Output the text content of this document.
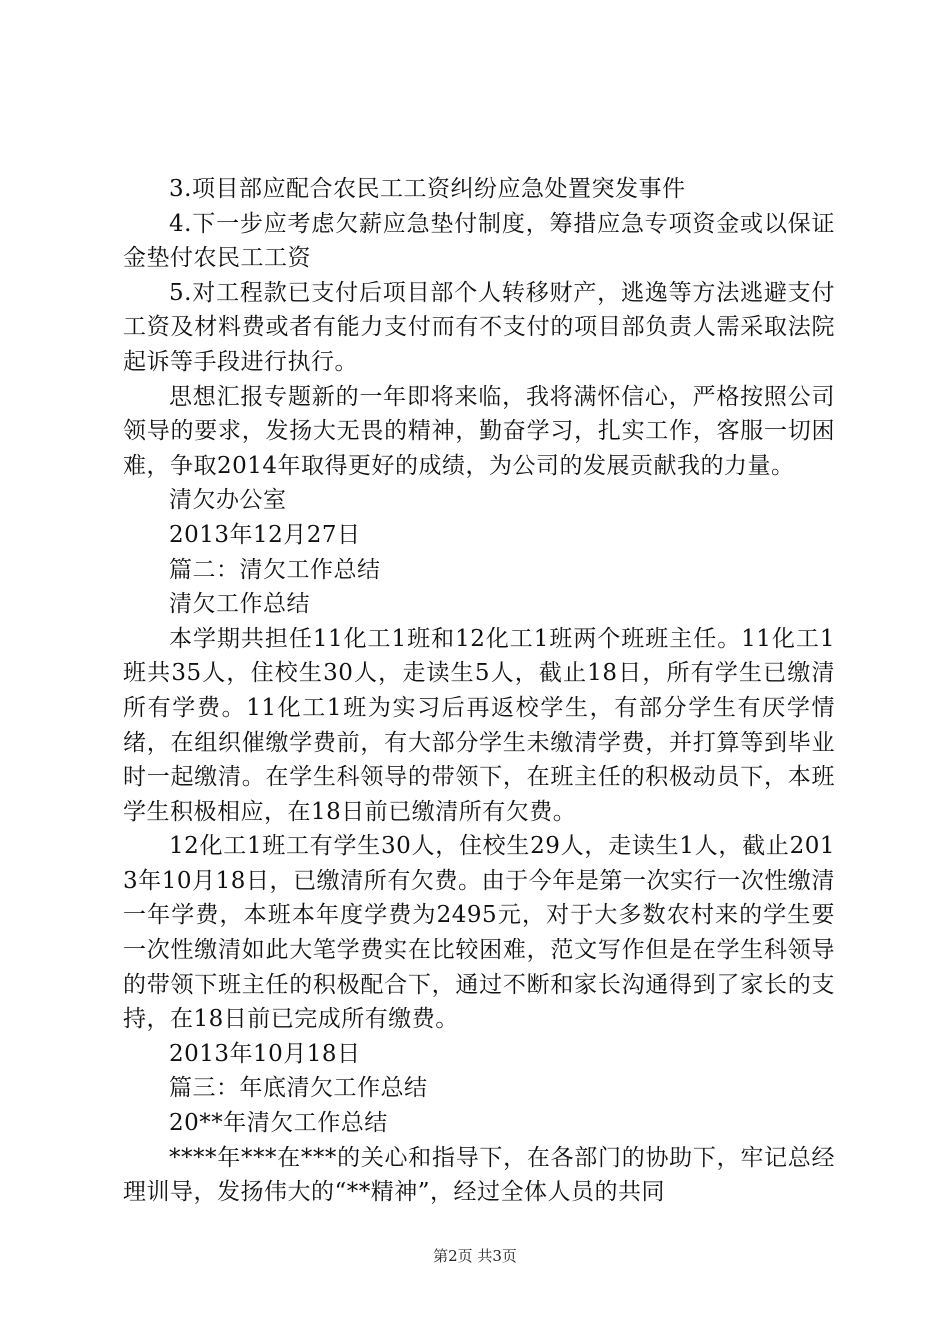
3.项目部应配合农民工工资纠纷应急处置突发事件

4.下一步应考虑欠薪应急垫付制度，筹措应急专项资金或以保证金垫付农民工工资

5.对工程款已支付后项目部个人转移财产，逃逸等方法逃避支付工资及材料费或者有能力支付而有不支付的项目部负责人需采取法院起诉等手段进行执行。

思想汇报专题新的一年即将来临，我将满怀信心，严格按照公司领导的要求，发扬大无畏的精神，勤奋学习，扎实工作，客服一切困难，争取2014年取得更好的成绩，为公司的发展贡献我的力量。

清欠办公室

2013年12月27日

篇二：清欠工作总结

清欠工作总结

本学期共担任11化工1班和12化工1班两个班班主任。11化工1班共35人，住校生30人，走读生5人，截止18日，所有学生已缴清所有学费。11化工1班为实习后再返校学生，有部分学生有厌学情绪，在组织催缴学费前，有大部分学生未缴清学费，并打算等到毕业时一起缴清。在学生科领导的带领下，在班主任的积极动员下，本班学生积极相应，在18日前已缴清所有欠费。

12化工1班工有学生30人，住校生29人，走读生1人，截止2013年10月18日，已缴清所有欠费。由于今年是第一次实行一次性缴清一年学费，本班本年度学费为2495元，对于大多数农村来的学生要一次性缴清如此大笔学费实在比较困难，范文写作但是在学生科领导的带领下班主任的积极配合下，通过不断和家长沟通得到了家长的支持，在18日前已完成所有缴费。

2013年10月18日

篇三：年底清欠工作总结

20**年清欠工作总结

****年***在***的关心和指导下，在各部门的协助下，牢记总经理训导，发扬伟大的“**精神”，经过全体人员的共同

第2页 共3页
